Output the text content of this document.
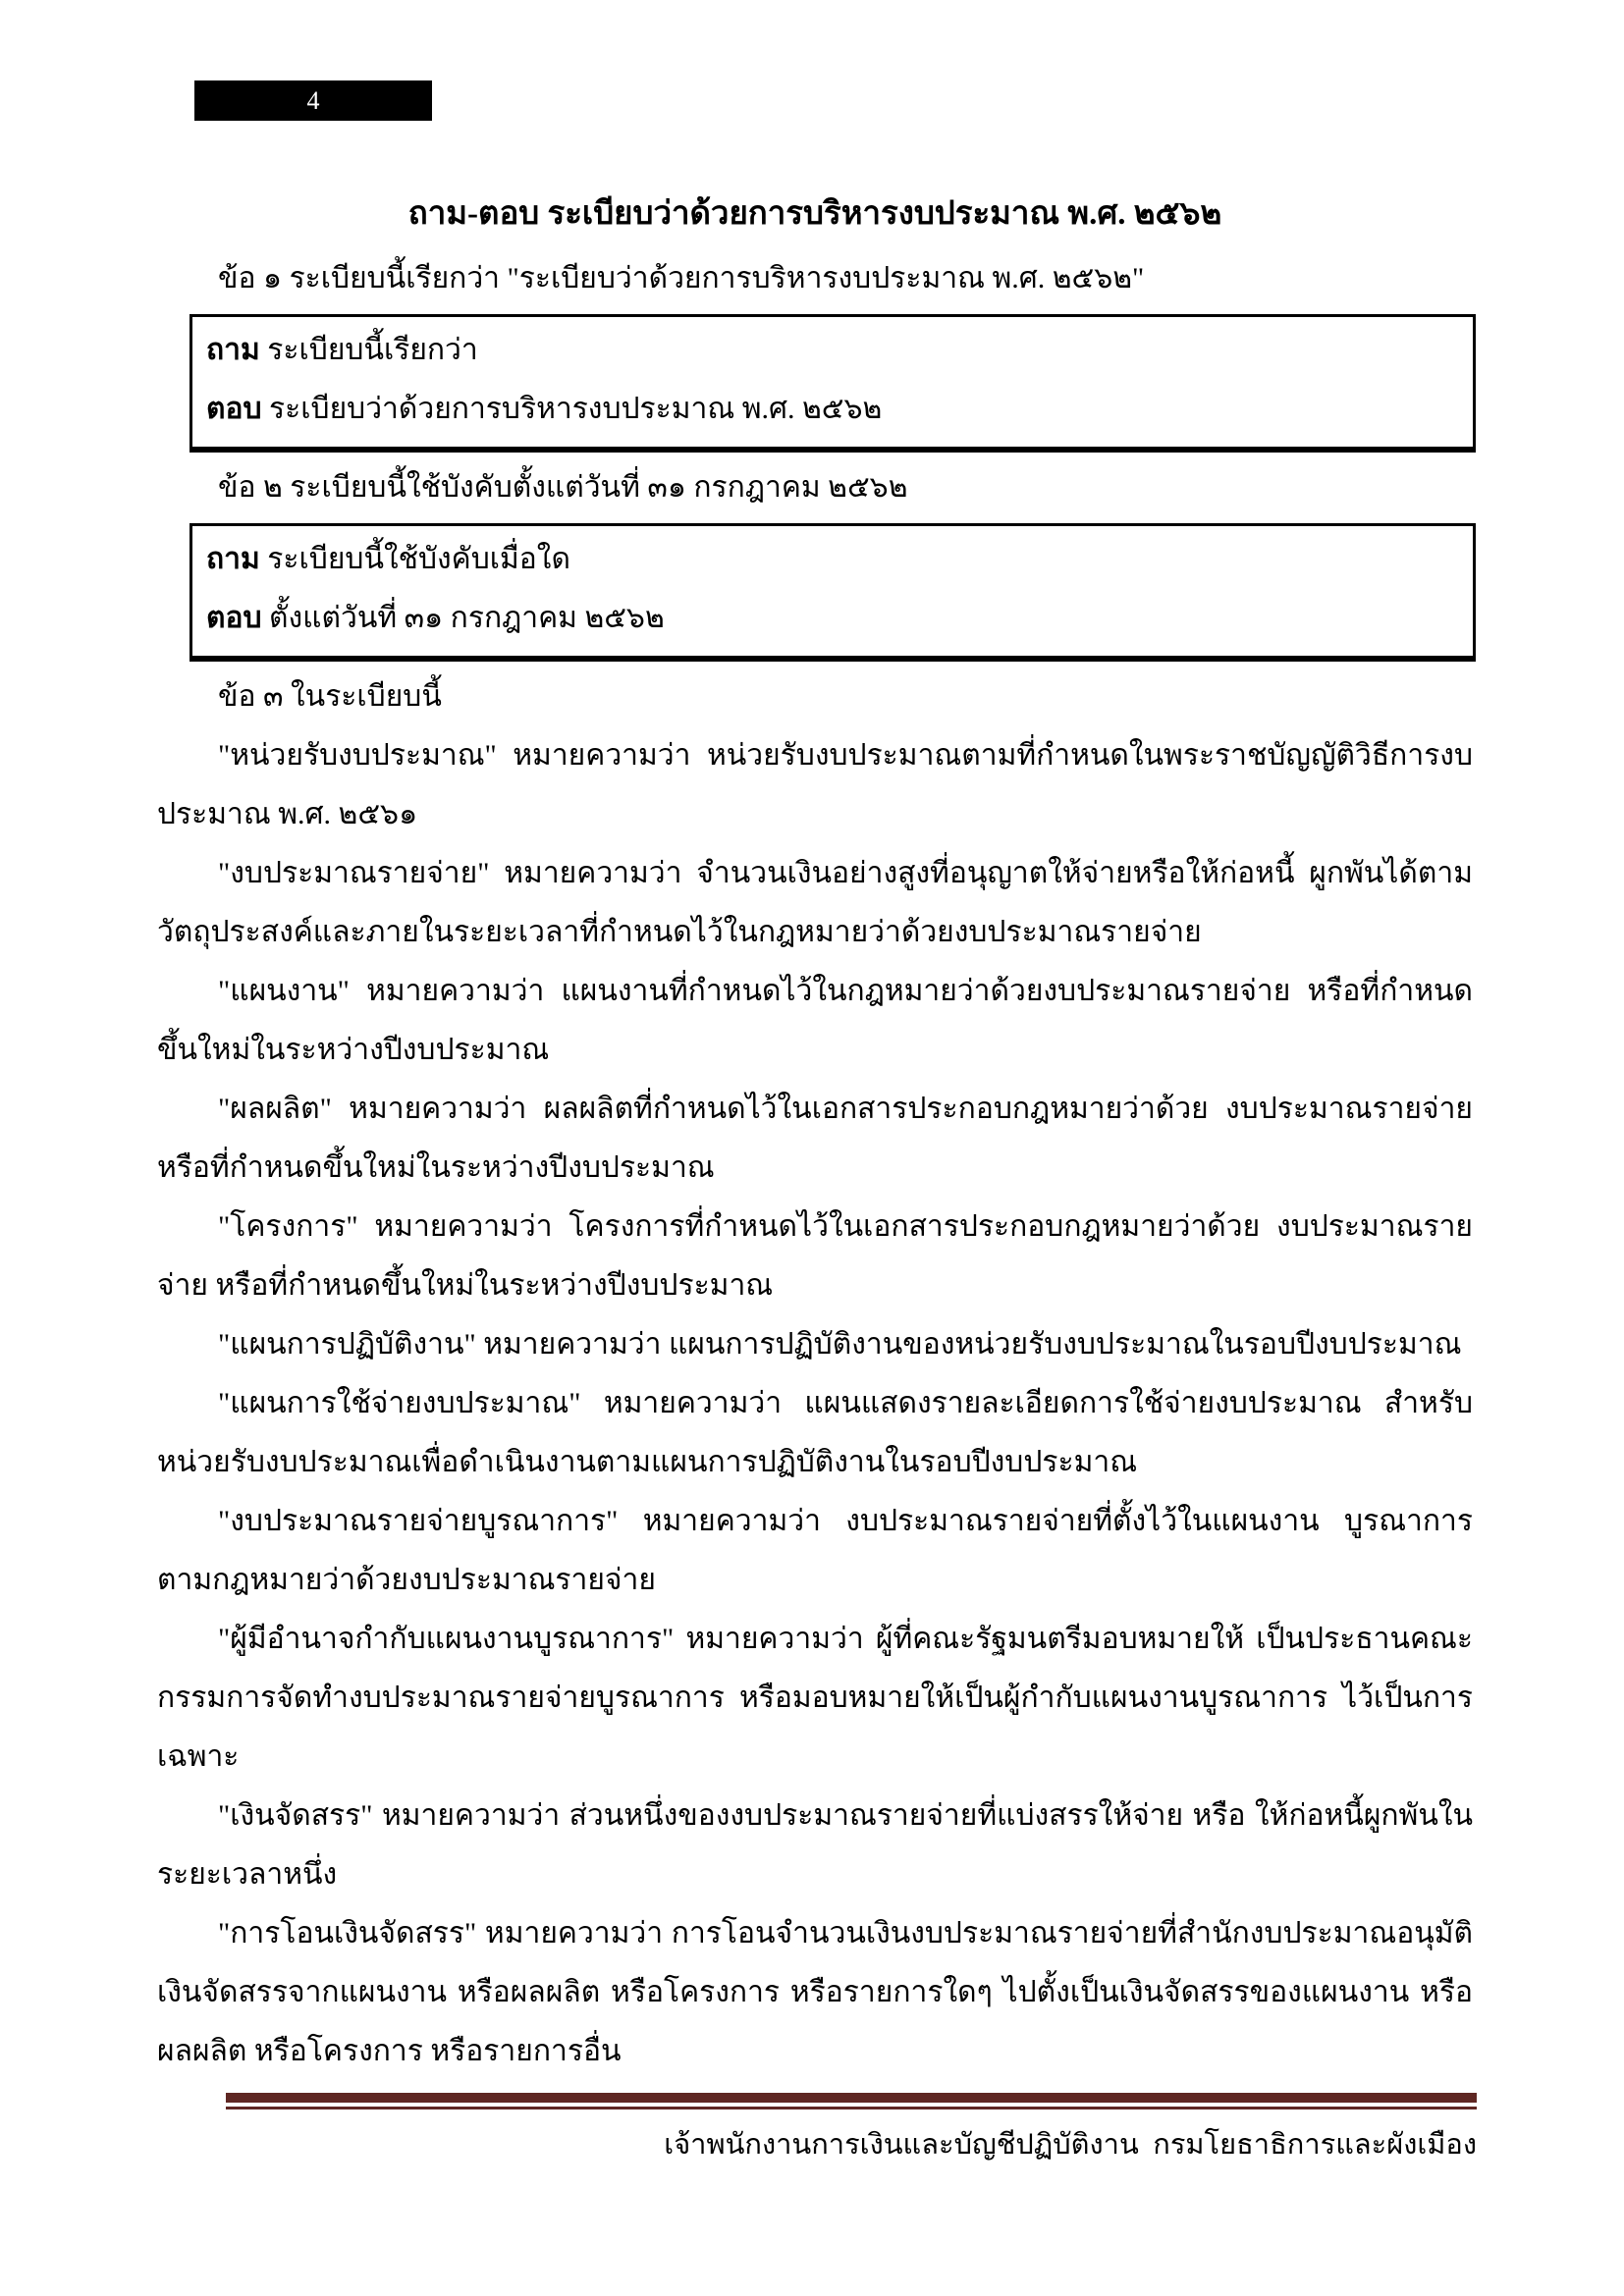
4

ถาม-ตอบ ระเบียบว่าด้วยการบริหารงบประมาณ พ.ศ. ๒๕๖๒

ข้อ ๑ ระเบียบนี้เรียกว่า "ระเบียบว่าด้วยการบริหารงบประมาณ พ.ศ. ๒๕๖๒"

ถาม ระเบียบนี้เรียกว่า

ตอบ ระเบียบว่าด้วยการบริหารงบประมาณ พ.ศ. ๒๕๖๒

ข้อ ๒ ระเบียบนี้ใช้บังคับตั้งแต่วันที่ ๓๑ กรกฎาคม ๒๕๖๒

ถาม ระเบียบนี้ใช้บังคับเมื่อใด

ตอบ ตั้งแต่วันที่ ๓๑ กรกฎาคม ๒๕๖๒

ข้อ ๓ ในระเบียบนี้

"หน่วยรับงบประมาณ" หมายความว่า หน่วยรับงบประมาณตามที่กำหนดในพระราชบัญญัติวิธีการงบประมาณ พ.ศ. ๒๕๖๑

"งบประมาณรายจ่าย" หมายความว่า จำนวนเงินอย่างสูงที่อนุญาตให้จ่ายหรือให้ก่อหนี้ ผูกพันได้ตามวัตถุประสงค์และภายในระยะเวลาที่กำหนดไว้ในกฎหมายว่าด้วยงบประมาณรายจ่าย

"แผนงาน" หมายความว่า แผนงานที่กำหนดไว้ในกฎหมายว่าด้วยงบประมาณรายจ่าย หรือที่กำหนดขึ้นใหม่ในระหว่างปีงบประมาณ

"ผลผลิต" หมายความว่า ผลผลิตที่กำหนดไว้ในเอกสารประกอบกฎหมายว่าด้วย งบประมาณรายจ่าย หรือที่กำหนดขึ้นใหม่ในระหว่างปีงบประมาณ

"โครงการ" หมายความว่า โครงการที่กำหนดไว้ในเอกสารประกอบกฎหมายว่าด้วย งบประมาณรายจ่าย หรือที่กำหนดขึ้นใหม่ในระหว่างปีงบประมาณ

"แผนการปฏิบัติงาน" หมายความว่า แผนการปฏิบัติงานของหน่วยรับงบประมาณในรอบปีงบประมาณ

"แผนการใช้จ่ายงบประมาณ" หมายความว่า แผนแสดงรายละเอียดการใช้จ่ายงบประมาณ สำหรับหน่วยรับงบประมาณเพื่อดำเนินงานตามแผนการปฏิบัติงานในรอบปีงบประมาณ

"งบประมาณรายจ่ายบูรณาการ" หมายความว่า งบประมาณรายจ่ายที่ตั้งไว้ในแผนงาน บูรณาการตามกฎหมายว่าด้วยงบประมาณรายจ่าย

"ผู้มีอำนาจกำกับแผนงานบูรณาการ" หมายความว่า ผู้ที่คณะรัฐมนตรีมอบหมายให้ เป็นประธานคณะกรรมการจัดทำงบประมาณรายจ่ายบูรณาการ หรือมอบหมายให้เป็นผู้กำกับแผนงานบูรณาการ ไว้เป็นการเฉพาะ

"เงินจัดสรร" หมายความว่า ส่วนหนึ่งของงบประมาณรายจ่ายที่แบ่งสรรให้จ่าย หรือ ให้ก่อหนี้ผูกพันในระยะเวลาหนึ่ง

"การโอนเงินจัดสรร" หมายความว่า การโอนจำนวนเงินงบประมาณรายจ่ายที่สำนักงบประมาณอนุมัติเงินจัดสรรจากแผนงาน หรือผลผลิต หรือโครงการ หรือรายการใดๆ ไปตั้งเป็นเงินจัดสรรของแผนงาน หรือผลผลิต หรือโครงการ หรือรายการอื่น

เจ้าพนักงานการเงินและบัญชีปฏิบัติงาน  กรมโยธาธิการและผังเมือง
